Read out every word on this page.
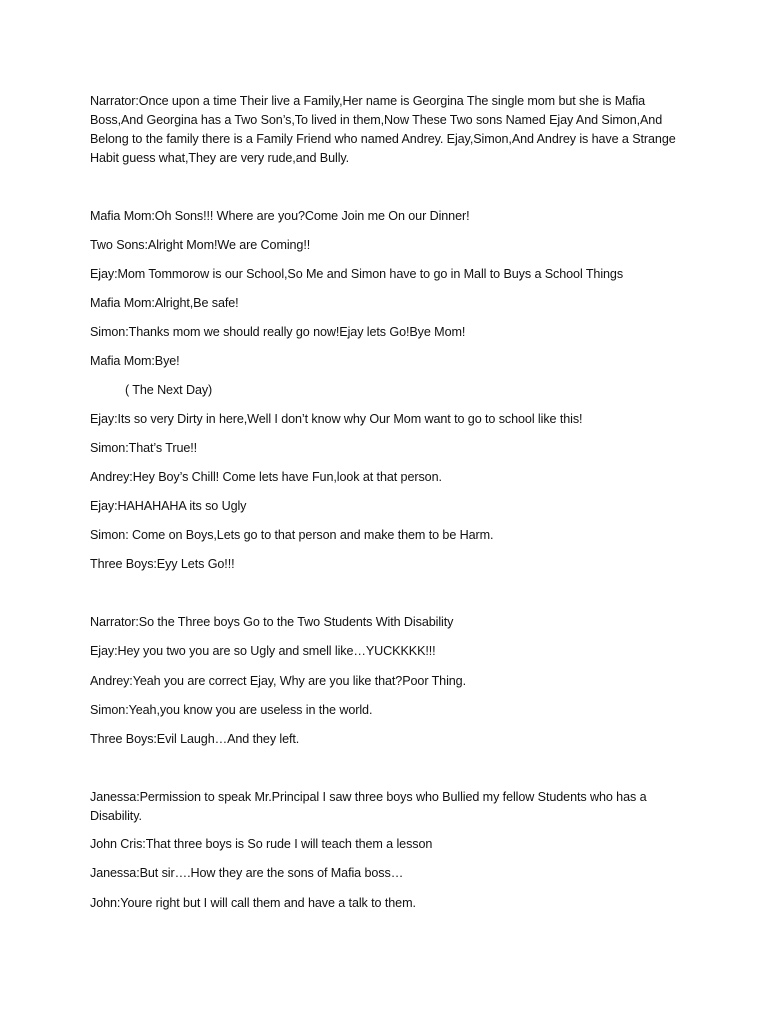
Narrator:Once upon a time Their live a Family,Her name is Georgina The single mom but she is Mafia Boss,And Georgina has a Two Son’s,To lived in them,Now These Two sons Named Ejay And Simon,And Belong to the family there is a Family Friend who named Andrey. Ejay,Simon,And Andrey is have a Strange Habit guess what,They are very rude,and Bully.

Mafia Mom:Oh Sons!!! Where are you?Come Join me On our Dinner!

Two Sons:Alright Mom!We are Coming!!

Ejay:Mom Tommorow is our School,So Me and Simon have to go in Mall to Buys a School Things

Mafia Mom:Alright,Be safe!

Simon:Thanks mom we should really go now!Ejay lets Go!Bye Mom!

Mafia Mom:Bye!

( The Next Day)

Ejay:Its so very Dirty in here,Well I don’t know why Our Mom want to go to school like this!

Simon:That’s True!!

Andrey:Hey Boy’s Chill! Come lets have Fun,look at that person.

Ejay:HAHAHAHA its so Ugly

Simon: Come on Boys,Lets go to that person and make them to be Harm.

Three Boys:Eyy Lets Go!!!

Narrator:So the Three boys Go to the Two Students With Disability

Ejay:Hey you two you are so Ugly and smell like…YUCKKKK!!!

Andrey:Yeah you are correct Ejay, Why are you like that?Poor Thing.

Simon:Yeah,you know you are useless in the world.

Three Boys:Evil Laugh…And they left.

Janessa:Permission to speak Mr.Principal I saw three boys who Bullied my fellow Students who has a Disability.

John Cris:That three boys is So rude I will teach them a lesson

Janessa:But sir….How they are the sons of Mafia boss…

John:Youre right but I will call them and have a talk to them.
